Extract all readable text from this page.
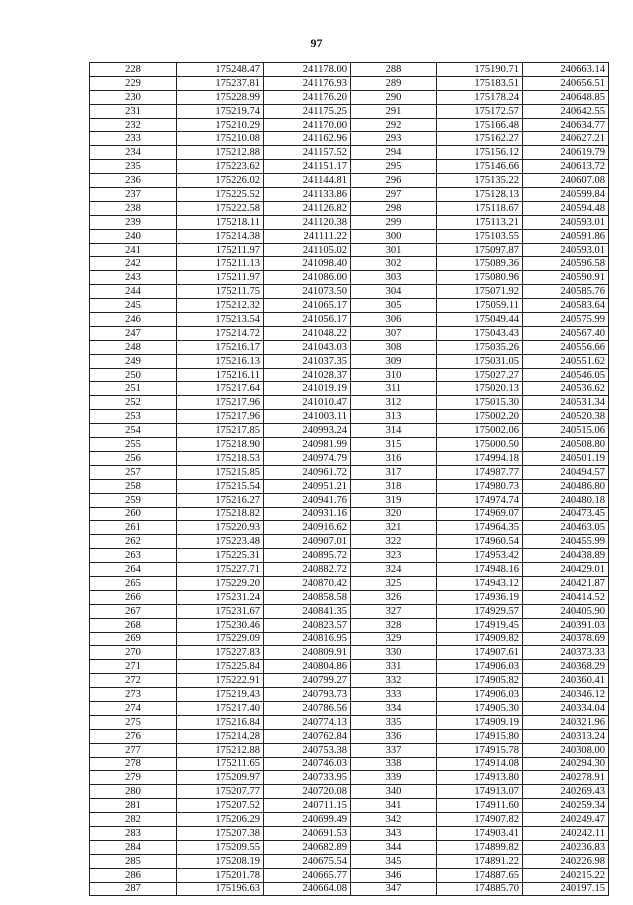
97
228	175248.47	241178.00	288	175190.71	240663.14
229	175237.81	241176.93	289	175183.51	240656.51
230	175228.99	241176.20	290	175178.24	240648.85
231	175219.74	241175.25	291	175172.57	240642.55
232	175210.29	241170.00	292	175166.48	240634.77
233	175210.08	241162.96	293	175162.27	240627.21
234	175212.88	241157.52	294	175156.12	240619.79
235	175223.62	241151.17	295	175146.66	240613.72
236	175226.02	241144.81	296	175135.22	240607.08
237	175225.52	241133.86	297	175128.13	240599.84
238	175222.58	241126.82	298	175118.67	240594.48
239	175218.11	241120.38	299	175113.21	240593.01
240	175214.38	241111.22	300	175103.55	240591.86
241	175211.97	241105.02	301	175097.87	240593.01
242	175211.13	241098.40	302	175089.36	240596.58
243	175211.97	241086.00	303	175080.96	240590.91
244	175211.75	241073.50	304	175071.92	240585.76
245	175212.32	241065.17	305	175059.11	240583.64
246	175213.54	241056.17	306	175049.44	240575.99
247	175214.72	241048.22	307	175043.43	240567.40
248	175216.17	241043.03	308	175035.26	240556.66
249	175216.13	241037.35	309	175031.05	240551.62
250	175216.11	241028.37	310	175027.27	240546.05
251	175217.64	241019.19	311	175020.13	240536.62
252	175217.96	241010.47	312	175015.30	240531.34
253	175217.96	241003.11	313	175002.20	240520.38
254	175217.85	240993.24	314	175002.06	240515.06
255	175218.90	240981.99	315	175000.50	240508.80
256	175218.53	240974.79	316	174994.18	240501.19
257	175215.85	240961.72	317	174987.77	240494.57
258	175215.54	240951.21	318	174980.73	240486.80
259	175216.27	240941.76	319	174974.74	240480.18
260	175218.82	240931.16	320	174969.07	240473.45
261	175220.93	240916.62	321	174964.35	240463.05
262	175223.48	240907.01	322	174960.54	240455.99
263	175225.31	240895.72	323	174953.42	240438.89
264	175227.71	240882.72	324	174948.16	240429.01
265	175229.20	240870.42	325	174943.12	240421.87
266	175231.24	240858.58	326	174936.19	240414.52
267	175231.67	240841.35	327	174929.57	240405.90
268	175230.46	240823.57	328	174919.45	240391.03
269	175229.09	240816.95	329	174909.82	240378.69
270	175227.83	240809.91	330	174907.61	240373.33
271	175225.84	240804.86	331	174906.03	240368.29
272	175222.91	240799.27	332	174905.82	240360.41
273	175219.43	240793.73	333	174906.03	240346.12
274	175217.40	240786.56	334	174905.30	240334.04
275	175216.84	240774.13	335	174909.19	240321.96
276	175214.28	240762.84	336	174915.80	240313.24
277	175212.88	240753.38	337	174915.78	240308.00
278	175211.65	240746.03	338	174914.08	240294.30
279	175209.97	240733.95	339	174913.80	240278.91
280	175207.77	240720.08	340	174913.07	240269.43
281	175207.52	240711.15	341	174911.60	240259.34
282	175206.29	240699.49	342	174907.82	240249.47
283	175207.38	240691.53	343	174903.41	240242.11
284	175209.55	240682.89	344	174899.82	240236.83
285	175208.19	240675.54	345	174891.22	240226.98
286	175201.78	240665.77	346	174887.65	240215.22
287	175196.63	240664.08	347	174885.70	240197.15
